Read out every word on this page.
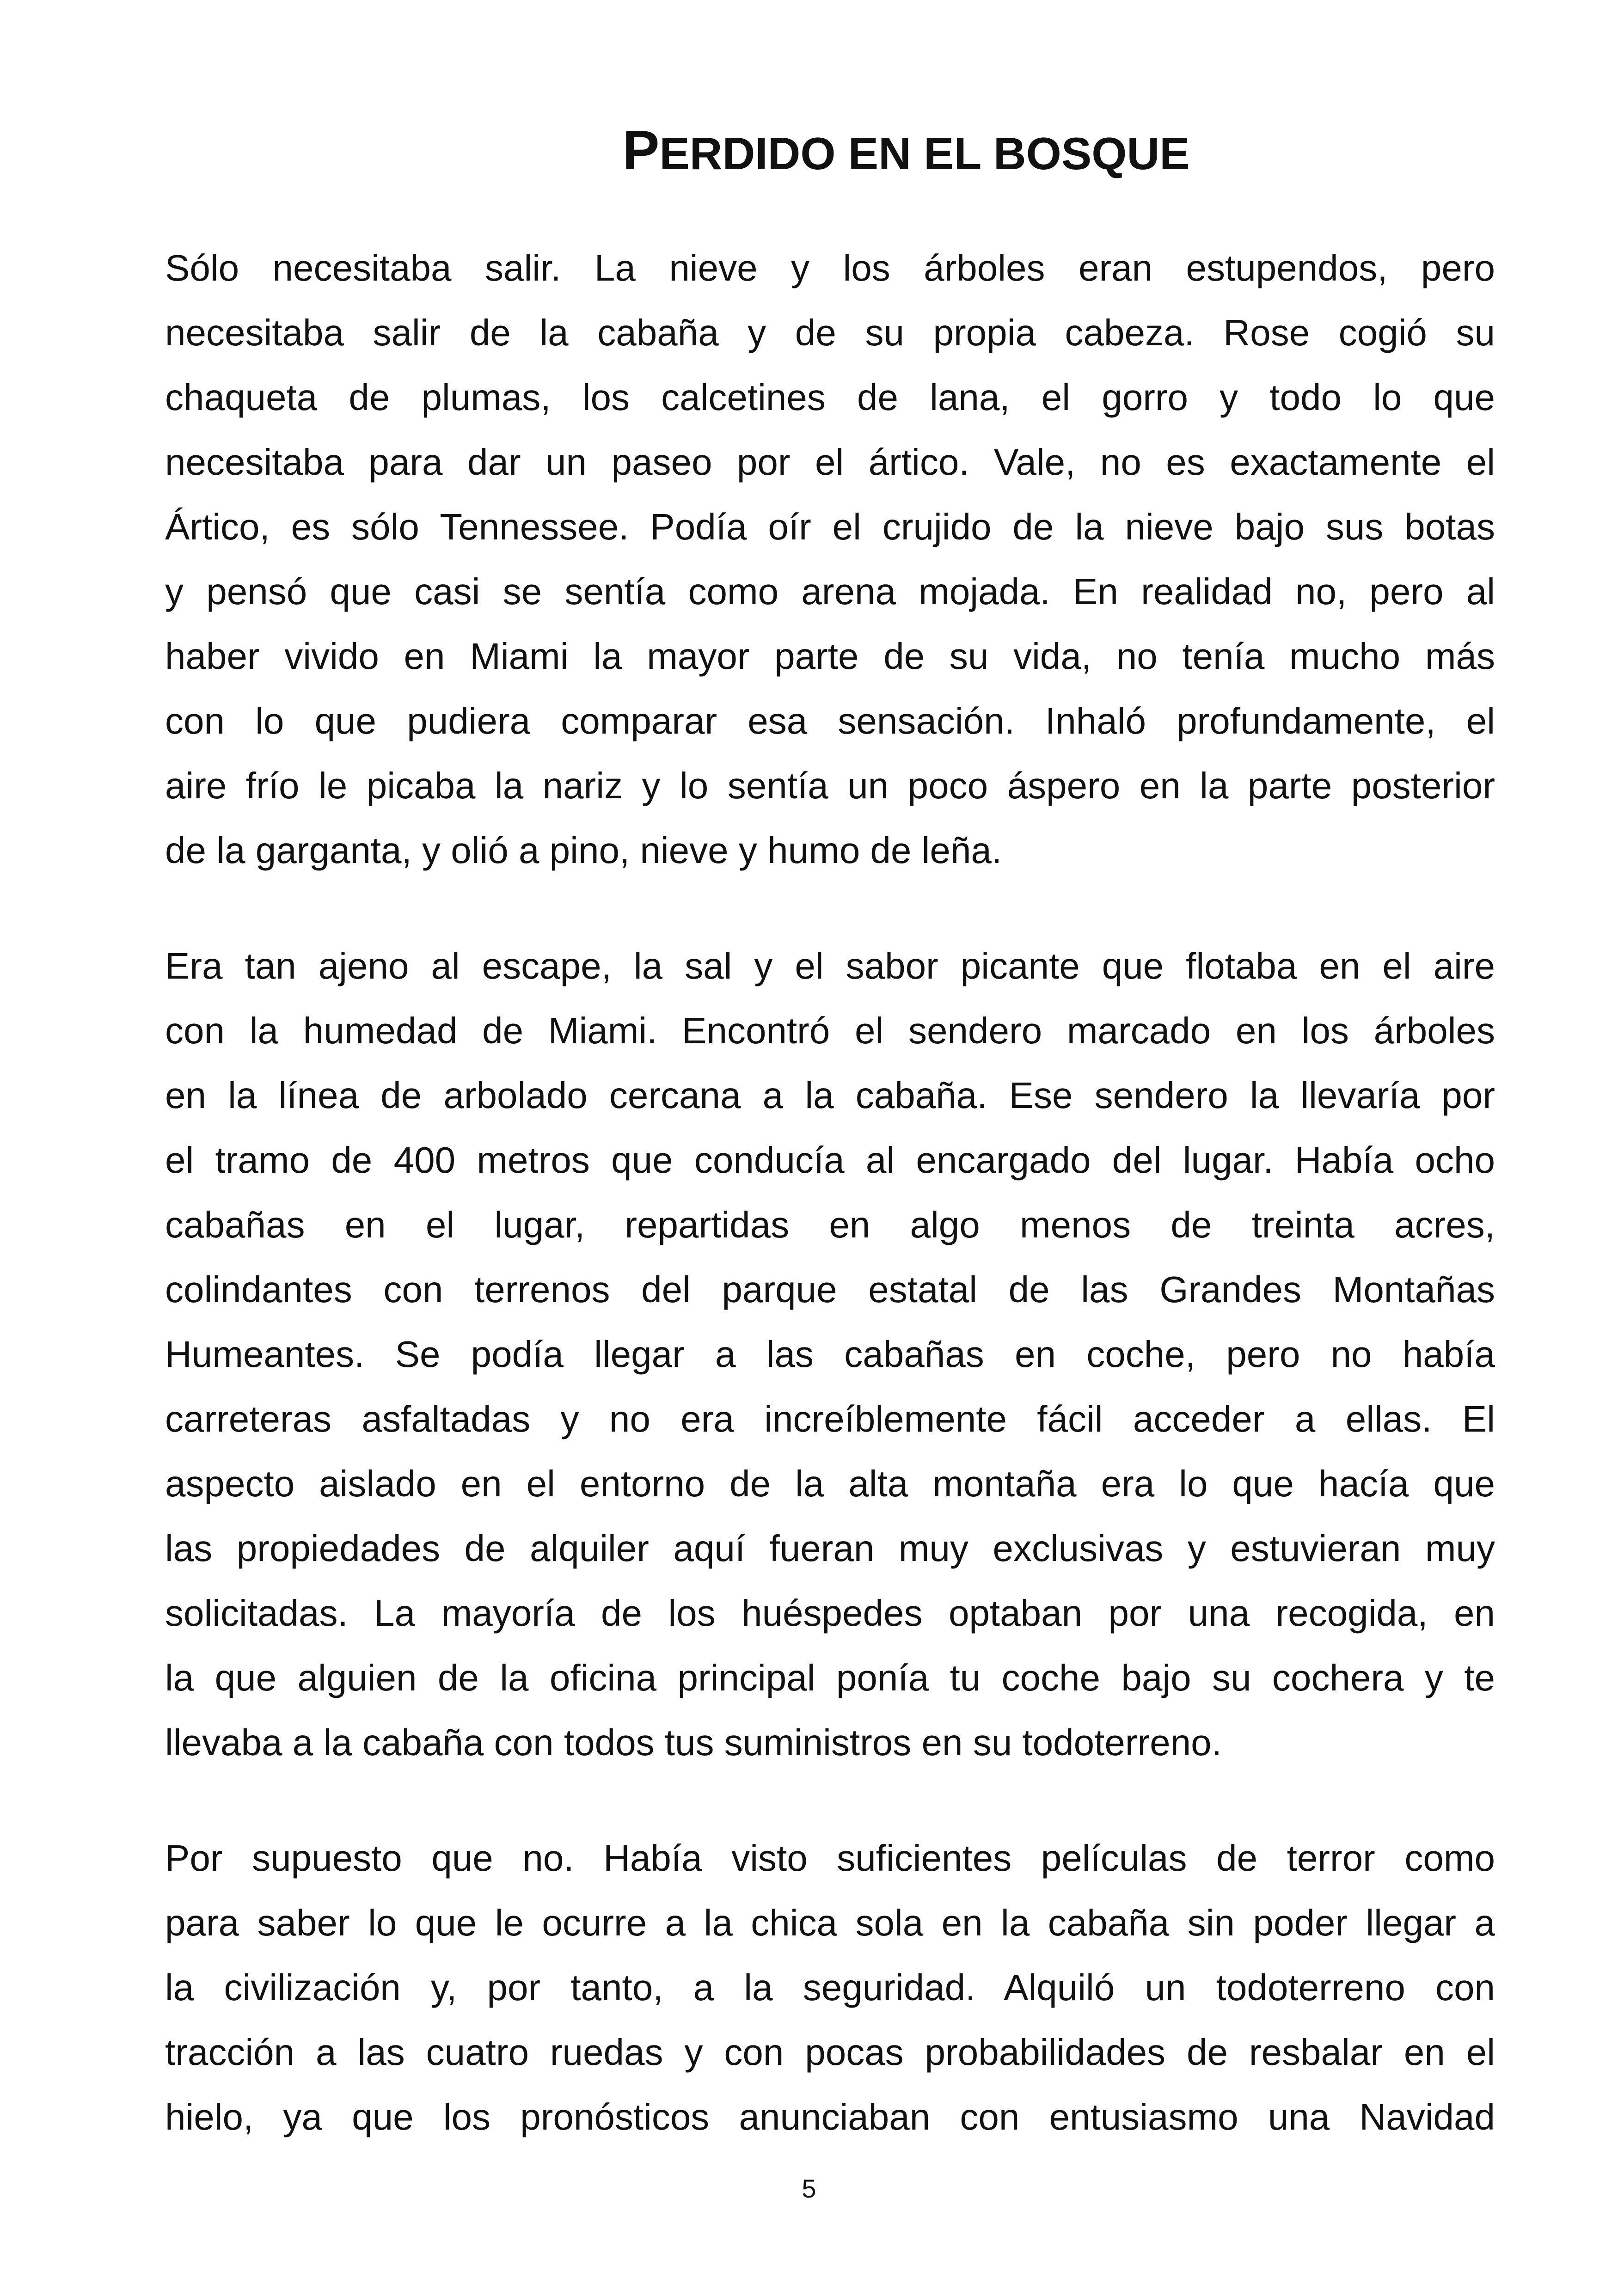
PERDIDO EN EL BOSQUE
Sólo necesitaba salir. La nieve y los árboles eran estupendos, pero
necesitaba salir de la cabaña y de su propia cabeza. Rose cogió su
chaqueta de plumas, los calcetines de lana, el gorro y todo lo que
necesitaba para dar un paseo por el ártico. Vale, no es exactamente el
Ártico, es sólo Tennessee. Podía oír el crujido de la nieve bajo sus botas
y pensó que casi se sentía como arena mojada. En realidad no, pero al
haber vivido en Miami la mayor parte de su vida, no tenía mucho más
con lo que pudiera comparar esa sensación. Inhaló profundamente, el
aire frío le picaba la nariz y lo sentía un poco áspero en la parte posterior
de la garganta, y olió a pino, nieve y humo de leña.
Era tan ajeno al escape, la sal y el sabor picante que flotaba en el aire
con la humedad de Miami. Encontró el sendero marcado en los árboles
en la línea de arbolado cercana a la cabaña. Ese sendero la llevaría por
el tramo de 400 metros que conducía al encargado del lugar. Había ocho
cabañas en el lugar, repartidas en algo menos de treinta acres,
colindantes con terrenos del parque estatal de las Grandes Montañas
Humeantes. Se podía llegar a las cabañas en coche, pero no había
carreteras asfaltadas y no era increíblemente fácil acceder a ellas. El
aspecto aislado en el entorno de la alta montaña era lo que hacía que
las propiedades de alquiler aquí fueran muy exclusivas y estuvieran muy
solicitadas. La mayoría de los huéspedes optaban por una recogida, en
la que alguien de la oficina principal ponía tu coche bajo su cochera y te
llevaba a la cabaña con todos tus suministros en su todoterreno.
Por supuesto que no. Había visto suficientes películas de terror como
para saber lo que le ocurre a la chica sola en la cabaña sin poder llegar a
la civilización y, por tanto, a la seguridad. Alquiló un todoterreno con
tracción a las cuatro ruedas y con pocas probabilidades de resbalar en el
hielo, ya que los pronósticos anunciaban con entusiasmo una Navidad
5
